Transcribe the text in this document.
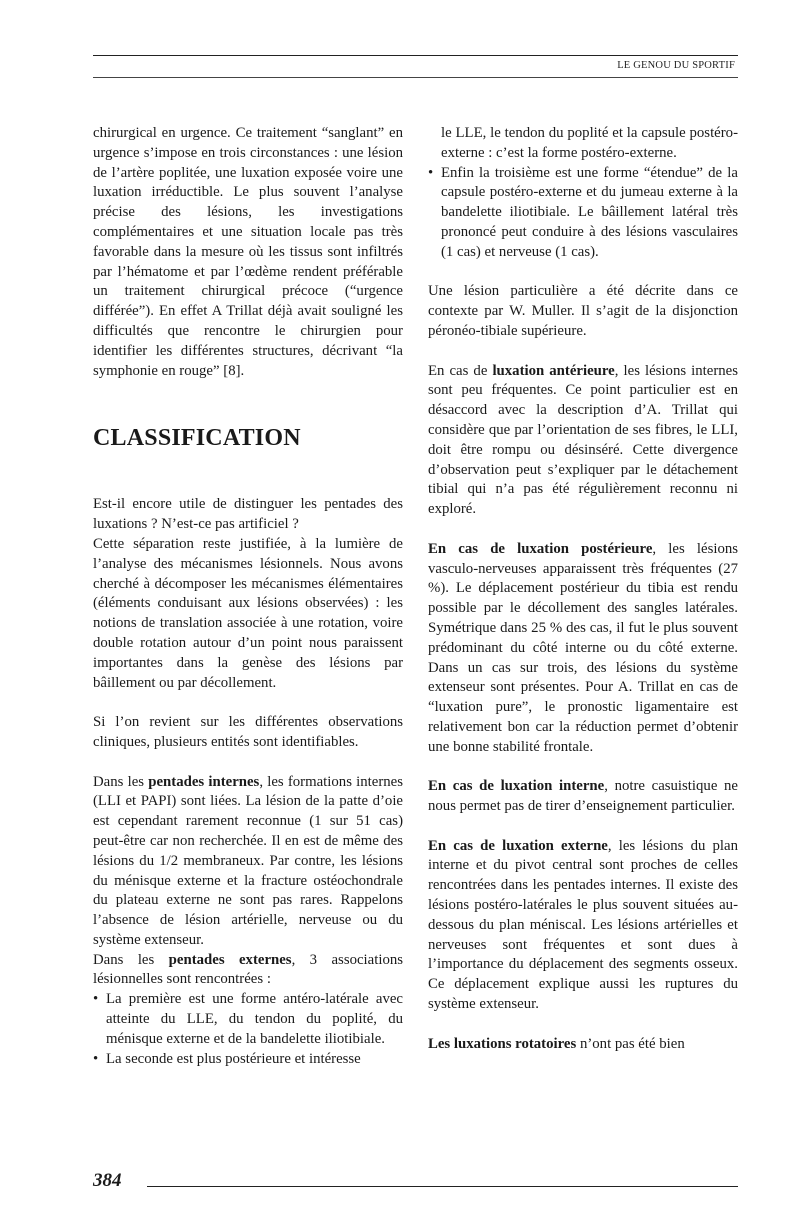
LE GENOU DU SPORTIF

chirurgical en urgence. Ce traitement “sanglant” en urgence s’impose en trois circonstances : une lésion de l’artère poplitée, une luxation exposée voire une luxation irréductible. Le plus souvent l’analyse précise des lésions, les investigations complémentaires et une situation locale pas très favorable dans la mesure où les tissus sont infiltrés par l’hématome et par l’œdème rendent préférable un traitement chirurgical précoce (“urgence différée”). En effet A Trillat déjà avait souligné les difficultés que rencontre le chirurgien pour identifier les différentes structures, décrivant “la symphonie en rouge” [8].

CLASSIFICATION

Est-il encore utile de distinguer les pentades des luxations ? N’est-ce pas artificiel ?

Cette séparation reste justifiée, à la lumière de l’analyse des mécanismes lésionnels. Nous avons cherché à décomposer les mécanismes élémentaires (éléments conduisant aux lésions observées) : les notions de translation associée à une rotation, voire double rotation autour d’un point nous paraissent importantes dans la genèse des lésions par bâillement ou par décollement.

Si l’on revient sur les différentes observations cliniques, plusieurs entités sont identifiables.

Dans les pentades internes, les formations internes (LLI et PAPI) sont liées. La lésion de la patte d’oie est cependant rarement reconnue (1 sur 51 cas) peut-être car non recherchée. Il en est de même des lésions du 1/2 membraneux. Par contre, les lésions du ménisque externe et la fracture ostéochondrale du plateau externe ne sont pas rares. Rappelons l’absence de lésion artérielle, nerveuse ou du système extenseur.

Dans les pentades externes, 3 associations lésionnelles sont rencontrées :

• La première est une forme antéro-latérale avec atteinte du LLE, du tendon du poplité, du ménisque externe et de la bandelette iliotibiale.
• La seconde est plus postérieure et intéresse

le LLE, le tendon du poplité et la capsule postéro-externe : c’est la forme postéro-externe.

• Enfin la troisième est une forme “étendue” de la capsule postéro-externe et du jumeau externe à la bandelette iliotibiale. Le bâillement latéral très prononcé peut conduire à des lésions vasculaires (1 cas) et nerveuse (1 cas).

Une lésion particulière a été décrite dans ce contexte par W. Muller. Il s’agit de la disjonction péronéo-tibiale supérieure.

En cas de luxation antérieure, les lésions internes sont peu fréquentes. Ce point particulier est en désaccord avec la description d’A. Trillat qui considère que par l’orientation de ses fibres, le LLI, doit être rompu ou désinséré. Cette divergence d’observation peut s’expliquer par le détachement tibial qui n’a pas été régulièrement reconnu ni exploré.

En cas de luxation postérieure, les lésions vasculo-nerveuses apparaissent très fréquentes (27 %). Le déplacement postérieur du tibia est rendu possible par le décollement des sangles latérales. Symétrique dans 25 % des cas, il fut le plus souvent prédominant du côté interne ou du côté externe. Dans un cas sur trois, des lésions du système extenseur sont présentes. Pour A. Trillat en cas de “luxation pure”, le pronostic ligamentaire est relativement bon car la réduction permet d’obtenir une bonne stabilité frontale.

En cas de luxation interne, notre casuistique ne nous permet pas de tirer d’enseignement particulier.

En cas de luxation externe, les lésions du plan interne et du pivot central sont proches de celles rencontrées dans les pentades internes. Il existe des lésions postéro-latérales le plus souvent situées au-dessous du plan méniscal. Les lésions artérielles et nerveuses sont fréquentes et sont dues à l’importance du déplacement des segments osseux. Ce déplacement explique aussi les ruptures du système extenseur.

Les luxations rotatoires n’ont pas été bien

384
